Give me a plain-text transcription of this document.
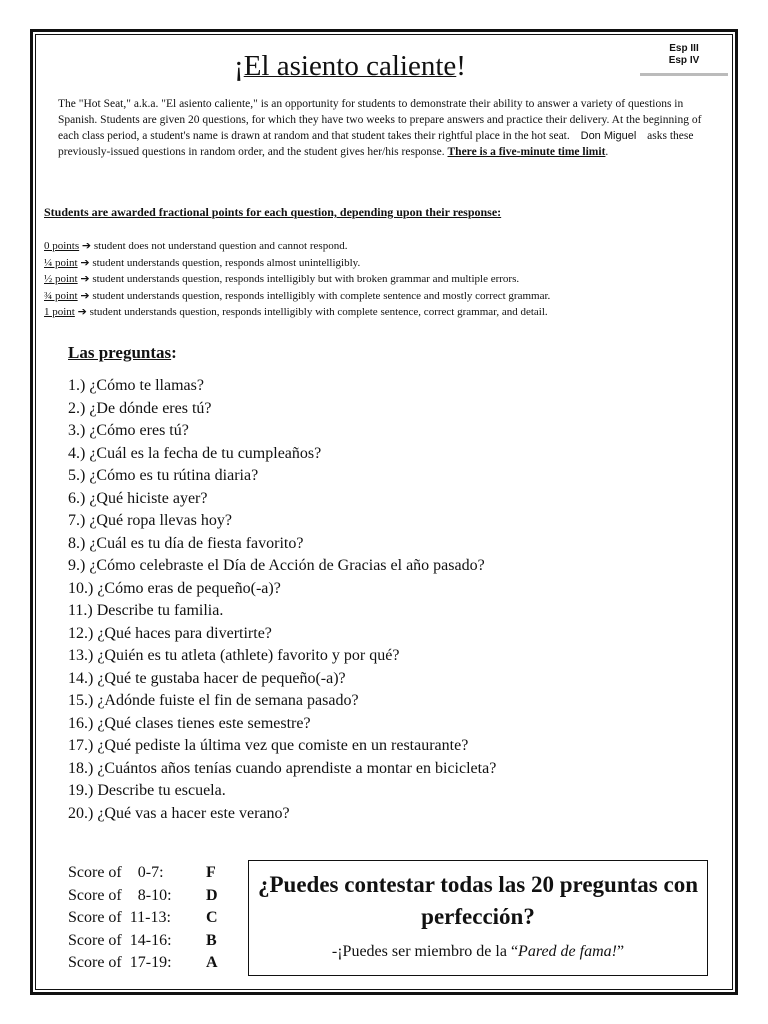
Esp III
Esp IV
¡El asiento caliente!
The "Hot Seat," a.k.a. "El asiento caliente," is an opportunity for students to demonstrate their ability to answer a variety of questions in Spanish. Students are given 20 questions, for which they have two weeks to prepare answers and practice their delivery. At the beginning of each class period, a student's name is drawn at random and that student takes their rightful place in the hot seat. Don Miguel asks these previously-issued questions in random order, and the student gives her/his response. There is a five-minute time limit.
Students are awarded fractional points for each question, depending upon their response:
0 points ➔ student does not understand question and cannot respond.
¼ point ➔ student understands question, responds almost unintelligibly.
½ point ➔ student understands question, responds intelligibly but with broken grammar and multiple errors.
¾ point ➔ student understands question, responds intelligibly with complete sentence and mostly correct grammar.
1 point ➔ student understands question, responds intelligibly with complete sentence, correct grammar, and detail.
Las preguntas:
1.) ¿Cómo te llamas?
2.) ¿De dónde eres tú?
3.) ¿Cómo eres tú?
4.) ¿Cuál es la fecha de tu cumpleaños?
5.) ¿Cómo es tu rútina diaria?
6.) ¿Qué hiciste ayer?
7.) ¿Qué ropa llevas hoy?
8.) ¿Cuál es tu día de fiesta favorito?
9.) ¿Cómo celebraste el Día de Acción de Gracias el año pasado?
10.) ¿Cómo eras de pequeño(-a)?
11.) Describe tu familia.
12.) ¿Qué haces para divertirte?
13.) ¿Quién es tu atleta (athlete) favorito y por qué?
14.) ¿Qué te gustaba hacer de pequeño(-a)?
15.) ¿Adónde fuiste el fin de semana pasado?
16.) ¿Qué clases tienes este semestre?
17.) ¿Qué pediste la última vez que comiste en un restaurante?
18.) ¿Cuántos años tenías cuando aprendiste a montar en bicicleta?
19.) Describe tu escuela.
20.) ¿Qué vas a hacer este verano?
Score of    0-7:	F
Score of    8-10:	D
Score of  11-13:	C
Score of  14-16:	B
Score of  17-19:	A
¿Puedes contestar todas las 20 preguntas con perfección?
-¡Puedes ser miembro de la “Pared de fama!”
